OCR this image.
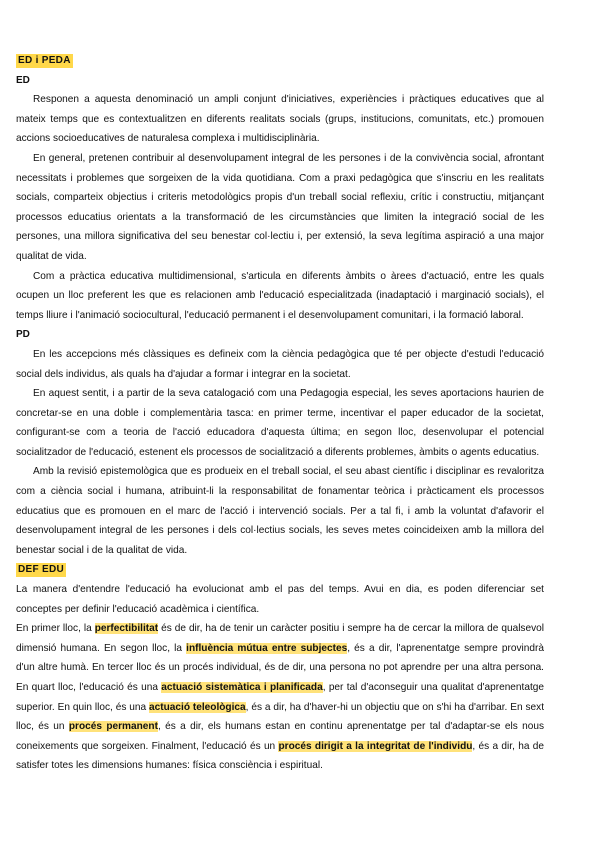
ED i PEDA

ED

Responen a aquesta denominació un ampli conjunt d'iniciatives, experiències i pràctiques educatives que al mateix temps que es contextualitzen en diferents realitats socials (grups, institucions, comunitats, etc.) promouen accions socioeducatives de naturalesa complexa i multidisciplinària.

En general, pretenen contribuir al desenvolupament integral de les persones i de la convivència social, afrontant necessitats i problemes que sorgeixen de la vida quotidiana. Com a praxi pedagògica que s'inscriu en les realitats socials, comparteix objectius i criteris metodològics propis d'un treball social reflexiu, crític i constructiu, mitjançant processos educatius orientats a la transformació de les circumstàncies que limiten la integració social de les persones, una millora significativa del seu benestar col·lectiu i, per extensió, la seva legítima aspiració a una major qualitat de vida.

Com a pràctica educativa multidimensional, s'articula en diferents àmbits o àrees d'actuació, entre les quals ocupen un lloc preferent les que es relacionen amb l'educació especialitzada (inadaptació i marginació socials), el temps lliure i l'animació sociocultural, l'educació permanent i el desenvolupament comunitari, i la formació laboral.

PD

En les accepcions més clàssiques es defineix com la ciència pedagògica que té per objecte d'estudi l'educació social dels individus, als quals ha d'ajudar a formar i integrar en la societat.

En aquest sentit, i a partir de la seva catalogació com una Pedagogia especial, les seves aportacions haurien de concretar-se en una doble i complementària tasca: en primer terme, incentivar el paper educador de la societat, configurant-se com a teoria de l'acció educadora d'aquesta última; en segon lloc, desenvolupar el potencial socialitzador de l'educació, estenent els processos de socialització a diferents problemes, àmbits o agents educatius.

Amb la revisió epistemològica que es produeix en el treball social, el seu abast científic i disciplinar es revaloritza com a ciència social i humana, atribuint-li la responsabilitat de fonamentar teòrica i pràcticament els processos educatius que es promouen en el marc de l'acció i intervenció socials. Per a tal fi, i amb la voluntat d'afavorir el desenvolupament integral de les persones i dels col·lectius socials, les seves metes coincideixen amb la millora del benestar social i de la qualitat de vida.

DEF EDU

La manera d'entendre l'educació ha evolucionat amb el pas del temps. Avui en dia, es poden diferenciar set conceptes per definir l'educació acadèmica i científica.

En primer lloc, la perfectibilitat és de dir, ha de tenir un caràcter positiu i sempre ha de cercar la millora de qualsevol dimensió humana. En segon lloc, la influència mútua entre subjectes, és a dir, l'aprenentatge sempre provindrà d'un altre humà. En tercer lloc és un procés individual, és de dir, una persona no pot aprendre per una altra persona. En quart lloc, l'educació és una actuació sistemàtica i planificada, per tal d'aconseguir una qualitat d'aprenentatge superior. En quin lloc, és una actuació teleològica, és a dir, ha d'haver-hi un objectiu que on s'hi ha d'arribar. En sext lloc, és un procés permanent, és a dir, els humans estan en continu aprenentatge per tal d'adaptar-se els nous coneixements que sorgeixen. Finalment, l'educació és un procés dirigit a la integritat de l'individu, és a dir, ha de satisfer totes les dimensions humanes: física consciència i espiritual.
